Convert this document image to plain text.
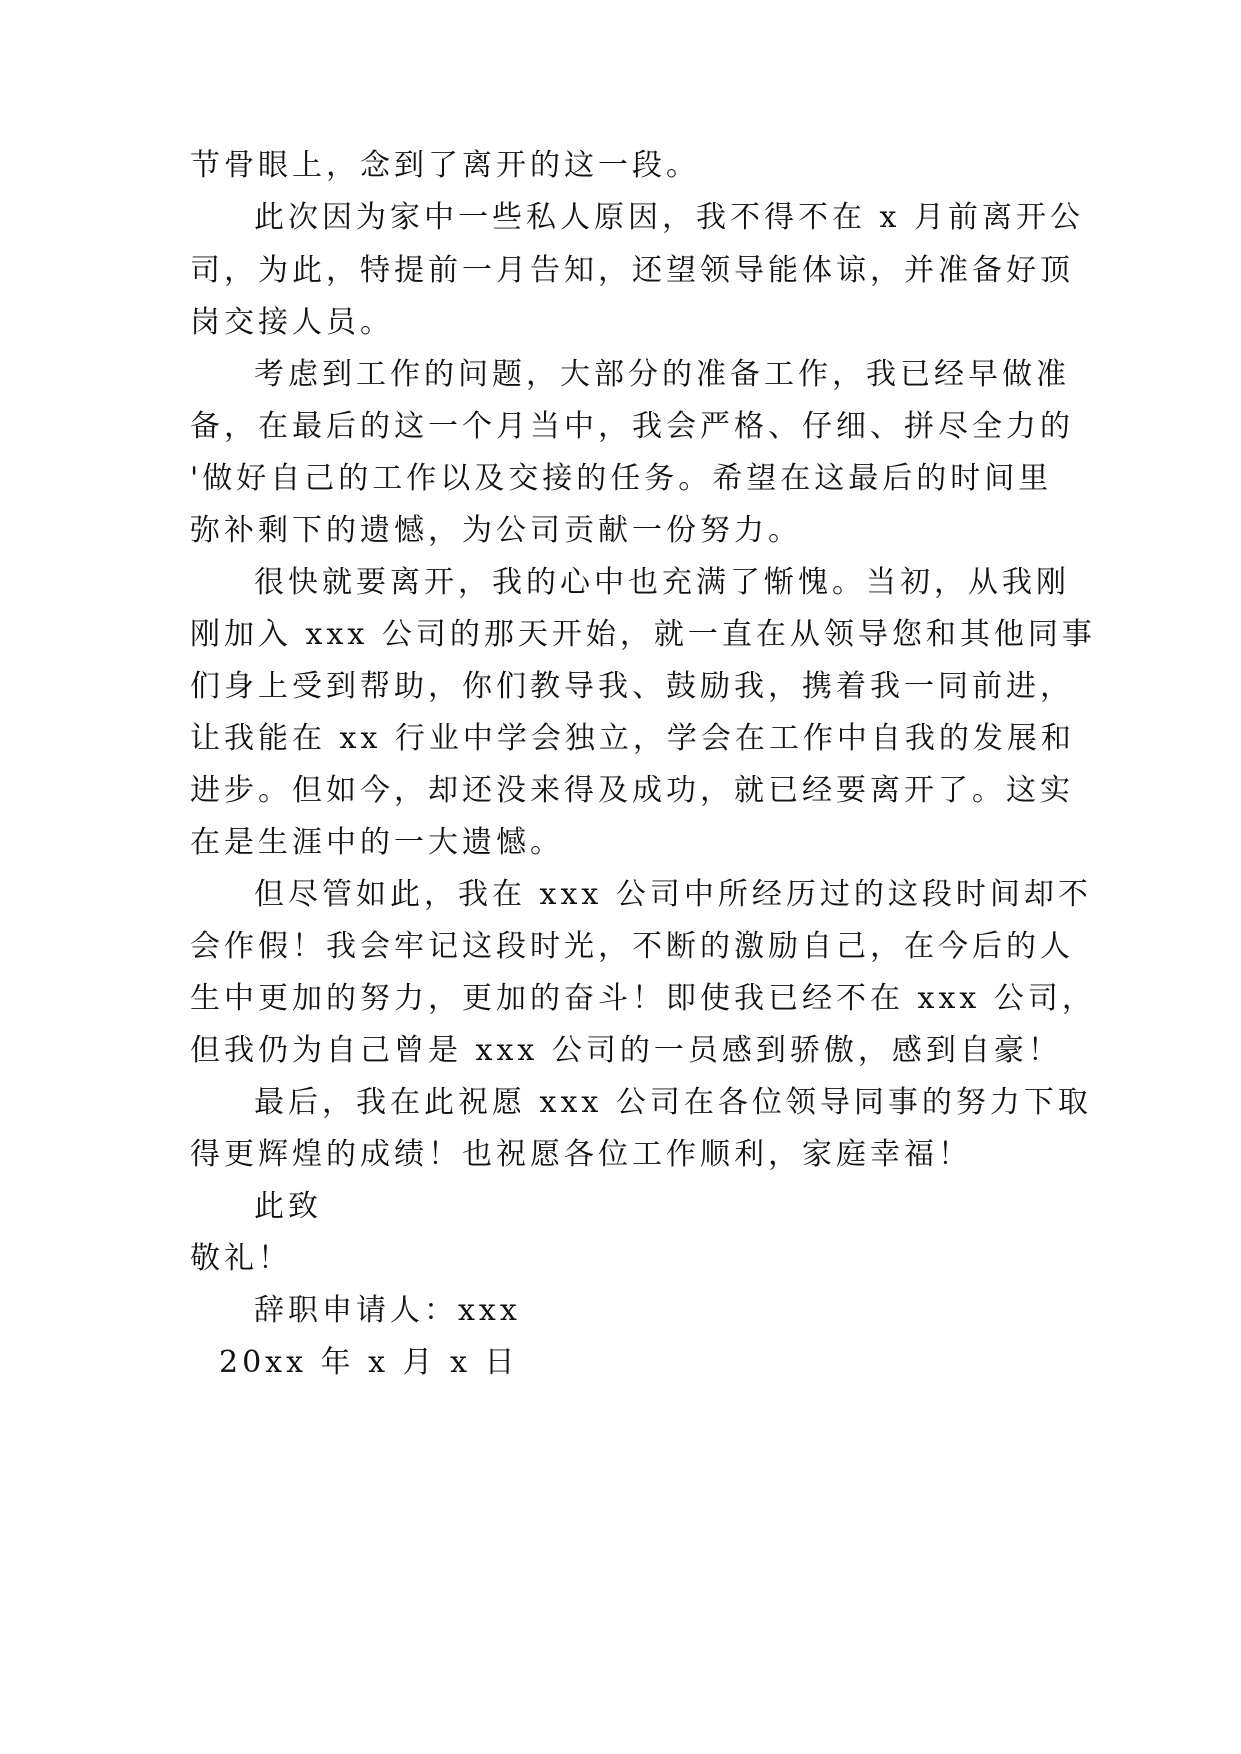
节骨眼上，念到了离开的这一段。
此次因为家中一些私人原因，我不得不在 x 月前离开公
司，为此，特提前一月告知，还望领导能体谅，并准备好顶
岗交接人员。
考虑到工作的问题，大部分的准备工作，我已经早做准
备，在最后的这一个月当中，我会严格、仔细、拼尽全力的
'做好自己的工作以及交接的任务。希望在这最后的时间里
弥补剩下的遗憾，为公司贡献一份努力。
很快就要离开，我的心中也充满了惭愧。当初，从我刚
刚加入 xxx 公司的那天开始，就一直在从领导您和其他同事
们身上受到帮助，你们教导我、鼓励我，携着我一同前进，
让我能在 xx 行业中学会独立，学会在工作中自我的发展和
进步。但如今，却还没来得及成功，就已经要离开了。这实
在是生涯中的一大遗憾。
但尽管如此，我在 xxx 公司中所经历过的这段时间却不
会作假！我会牢记这段时光，不断的激励自己，在今后的人
生中更加的努力，更加的奋斗！即使我已经不在 xxx 公司，
但我仍为自己曾是 xxx 公司的一员感到骄傲，感到自豪！
最后，我在此祝愿 xxx 公司在各位领导同事的努力下取
得更辉煌的成绩！也祝愿各位工作顺利，家庭幸福！
此致
敬礼！
辞职申请人：xxx
20xx 年 x 月 x 日
